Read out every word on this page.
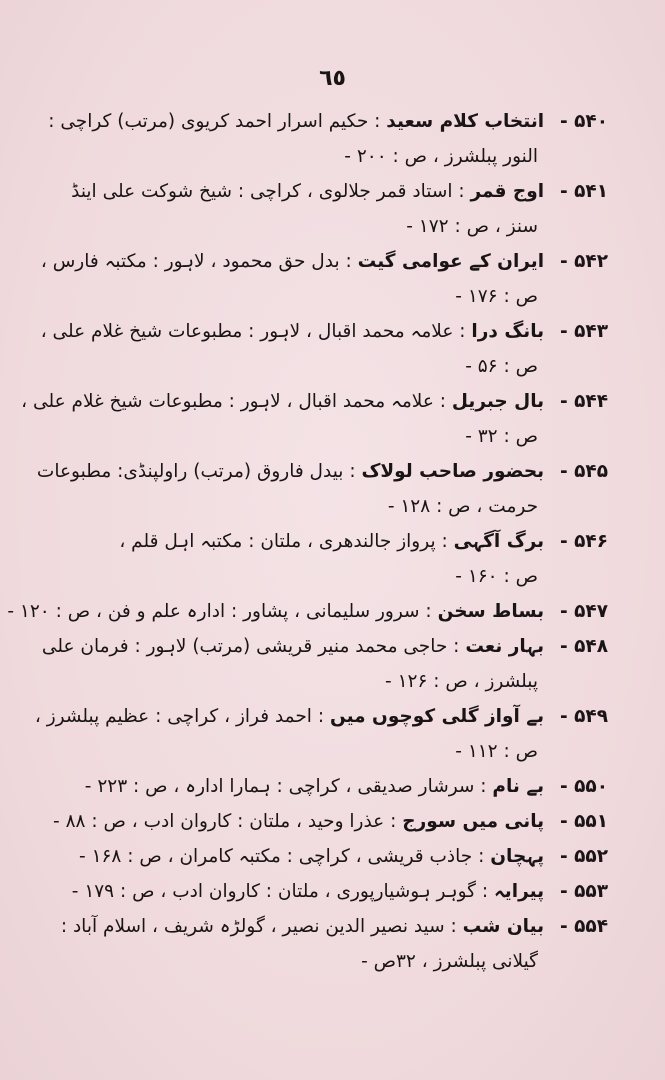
٦٥
۵۴۰ - انتخاب کلام سعید : حکیم اسرار احمد کریوی (مرتب) کراچی :
النور پبلشرز ، ص : ۲۰۰ -
۵۴۱ - اوج قمر : استاد قمر جلالوی ، کراچی : شیخ شوکت علی اینڈ
سنز ، ص : ۱۷۲ -
۵۴۲ - ایران کے عوامی گیت : بدل حق محمود ، لاہور : مکتبہ فارس ،
ص : ۱۷۶ -
۵۴۳ - بانگ درا : علامہ محمد اقبال ، لاہور : مطبوعات شیخ غلام علی ،
ص : ۵۶ -
۵۴۴ - بال جبریل : علامہ محمد اقبال ، لاہور : مطبوعات شیخ غلام علی ،
ص : ۳۲ -
۵۴۵ - بحضور صاحب لولاک : بیدل فاروق (مرتب) راولپنڈی: مطبوعات
حرمت ، ص : ۱۲۸ -
۵۴۶ - برگ آگہی : پرواز جالندھری ، ملتان : مکتبہ اہل قلم ،
ص : ۱۶۰ -
۵۴۷ - بساط سخن : سرور سلیمانی ، پشاور : ادارہ علم و فن ، ص : ۱۲۰ -
۵۴۸ - بہار نعت : حاجی محمد منیر قریشی (مرتب) لاہور : فرمان علی
پبلشرز ، ص : ۱۲۶ -
۵۴۹ - بے آواز گلی کوچوں میں : احمد فراز ، کراچی : عظیم پبلشرز ،
ص : ۱۱۲ -
۵۵۰ - بے نام : سرشار صدیقی ، کراچی : ہمارا ادارہ ، ص : ۲۲۳ -
۵۵۱ - پانی میں سورج : عذرا وحید ، ملتان : کاروان ادب ، ص : ۸۸ -
۵۵۲ - پہچان : جاذب قریشی ، کراچی : مکتبہ کامران ، ص : ۱۶۸ -
۵۵۳ - پیرایہ : گوہر ہوشیارپوری ، ملتان : کاروان ادب ، ص : ۱۷۹ -
۵۵۴ - بیان شب : سید نصیر الدین نصیر ، گولڑہ شریف ، اسلام آباد :
گیلانی پبلشرز ، ۳۲ص -
